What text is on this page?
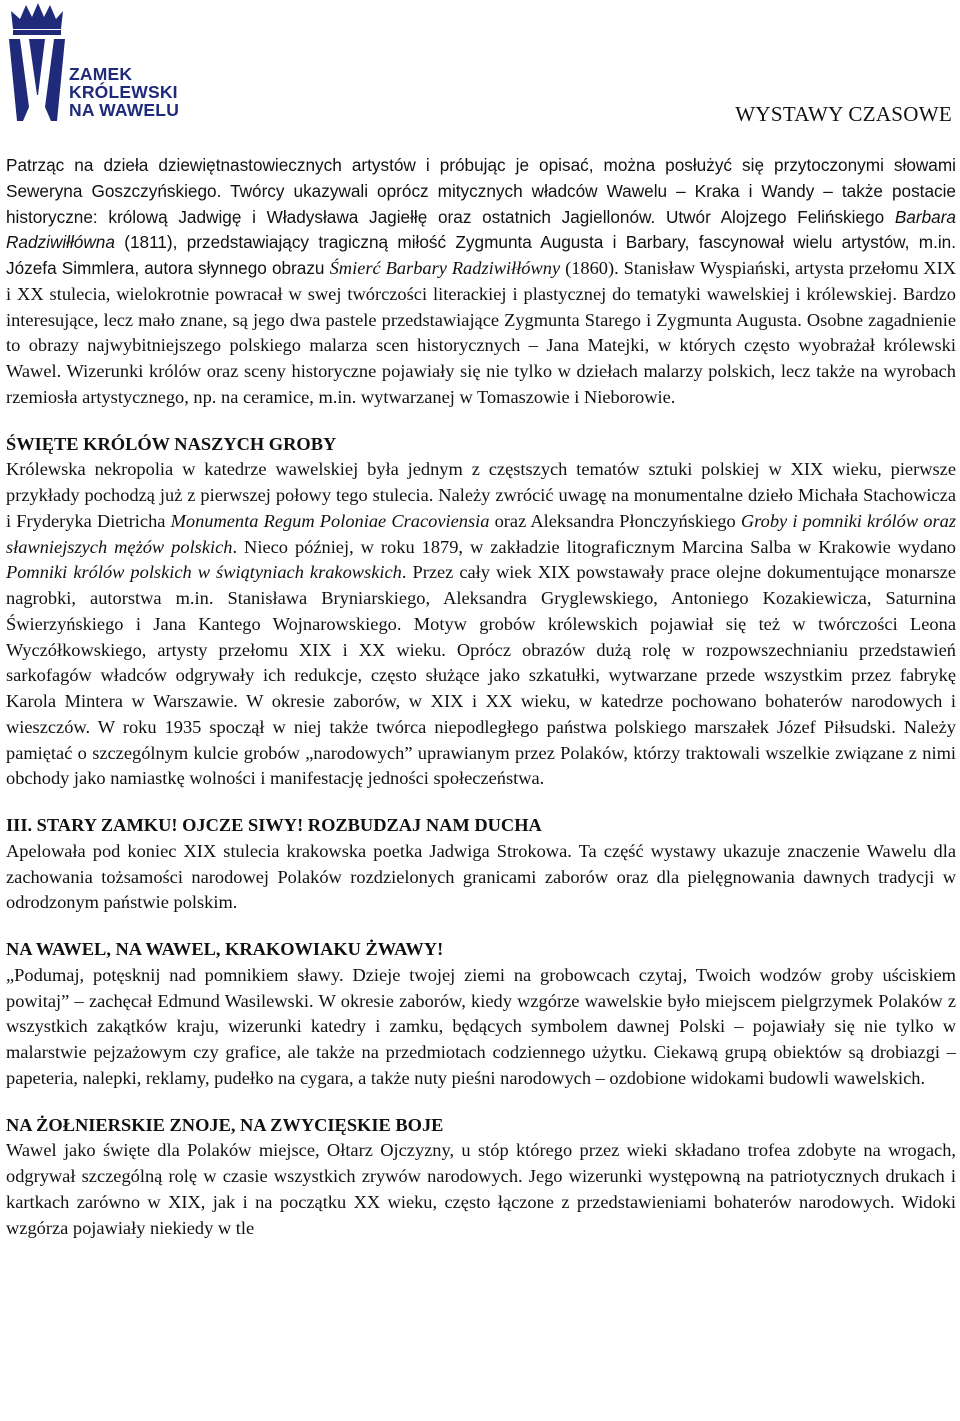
ZAMEK
KRÓLEWSKI
NA WAWELU	WYSTAWY CZASOWE

Patrząc na dzieła dziewiętnastowiecznych artystów i próbując je opisać, można posłużyć się przytoczonymi słowami Seweryna Goszczyńskiego. Twórcy ukazywali oprócz mitycznych władców Wawelu – Kraka i Wandy – także postacie historyczne: królową Jadwigę i Władysława Jagiełłę oraz ostatnich Jagiellonów. Utwór Alojzego Felińskiego Barbara Radziwiłłówna (1811), przedstawiający tragiczną miłość Zygmunta Augusta i Barbary, fascynował wielu artystów, m.in. Józefa Simmlera, autora słynnego obrazu Śmierć Barbary Radziwiłłówny (1860). Stanisław Wyspiański, artysta przełomu XIX i XX stulecia, wielokrotnie powracał w swej twórczości literackiej i plastycznej do tematyki wawelskiej i królewskiej. Bardzo interesujące, lecz mało znane, są jego dwa pastele przedstawiające Zygmunta Starego i Zygmunta Augusta. Osobne zagadnienie to obrazy najwybitniejszego polskiego malarza scen historycznych – Jana Matejki, w których często wyobrażał królewski Wawel. Wizerunki królów oraz sceny historyczne pojawiały się nie tylko w dziełach malarzy polskich, lecz także na wyrobach rzemiosła artystycznego, np. na ceramice, m.in. wytwarzanej w Tomaszowie i Nieborowie.

ŚWIĘTE KRÓLÓW NASZYCH GROBY

Królewska nekropolia w katedrze wawelskiej była jednym z częstszych tematów sztuki polskiej w XIX wieku, pierwsze przykłady pochodzą już z pierwszej połowy tego stulecia. Należy zwrócić uwagę na monumentalne dzieło Michała Stachowicza i Fryderyka Dietricha Monumenta Regum Poloniae Cracoviensia oraz Aleksandra Płonczyńskiego Groby i pomniki królów oraz sławniejszych mężów polskich. Nieco później, w roku 1879, w zakładzie litograficznym Marcina Salba w Krakowie wydano Pomniki królów polskich w świątyniach krakowskich. Przez cały wiek XIX powstawały prace olejne dokumentujące monarsze nagrobki, autorstwa m.in. Stanisława Bryniarskiego, Aleksandra Gryglewskiego, Antoniego Kozakiewicza, Saturnina Świerzyńskiego i Jana Kantego Wojnarowskiego. Motyw grobów królewskich pojawiał się też w twórczości Leona Wyczółkowskiego, artysty przełomu XIX i XX wieku. Oprócz obrazów dużą rolę w rozpowszechnianiu przedstawień sarkofagów władców odgrywały ich redukcje, często służące jako szkatułki, wytwarzane przede wszystkim przez fabrykę Karola Mintera w Warszawie. W okresie zaborów, w XIX i XX wieku, w katedrze pochowano bohaterów narodowych i wieszczów. W roku 1935 spoczął w niej także twórca niepodległego państwa polskiego marszałek Józef Piłsudski. Należy pamiętać o szczególnym kulcie grobów „narodowych” uprawianym przez Polaków, którzy traktowali wszelkie związane z nimi obchody jako namiastkę wolności i manifestację jedności społeczeństwa.

III. STARY ZAMKU! OJCZE SIWY! ROZBUDZAJ NAM DUCHA

Apelowała pod koniec XIX stulecia krakowska poetka Jadwiga Strokowa. Ta część wystawy ukazuje znaczenie Wawelu dla zachowania tożsamości narodowej Polaków rozdzielonych granicami zaborów oraz dla pielęgnowania dawnych tradycji w odrodzonym państwie polskim.

NA WAWEL, NA WAWEL, KRAKOWIAKU ŻWAWY!

„Podumaj, potęsknij nad pomnikiem sławy. Dzieje twojej ziemi na grobowcach czytaj, Twoich wodzów groby uściskiem powitaj” – zachęcał Edmund Wasilewski. W okresie zaborów, kiedy wzgórze wawelskie było miejscem pielgrzymek Polaków z wszystkich zakątków kraju, wizerunki katedry i zamku, będących symbolem dawnej Polski – pojawiały się nie tylko w malarstwie pejzażowym czy grafice, ale także na przedmiotach codziennego użytku. Ciekawą grupą obiektów są drobiazgi – papeteria, nalepki, reklamy, pudełko na cygara, a także nuty pieśni narodowych – ozdobione widokami budowli wawelskich.

NA ŻOŁNIERSKIE ZNOJE, NA ZWYCIĘSKIE BOJE

Wawel jako święte dla Polaków miejsce, Ołtarz Ojczyzny, u stóp którego przez wieki składano trofea zdobyte na wrogach, odgrywał szczególną rolę w czasie wszystkich zrywów narodowych. Jego wizerunki występowną na patriotycznych drukach i kartkach zarówno w XIX, jak i na początku XX wieku, często łączone z przedstawieniami bohaterów narodowych. Widoki wzgórza pojawiały niekiedy w tle
